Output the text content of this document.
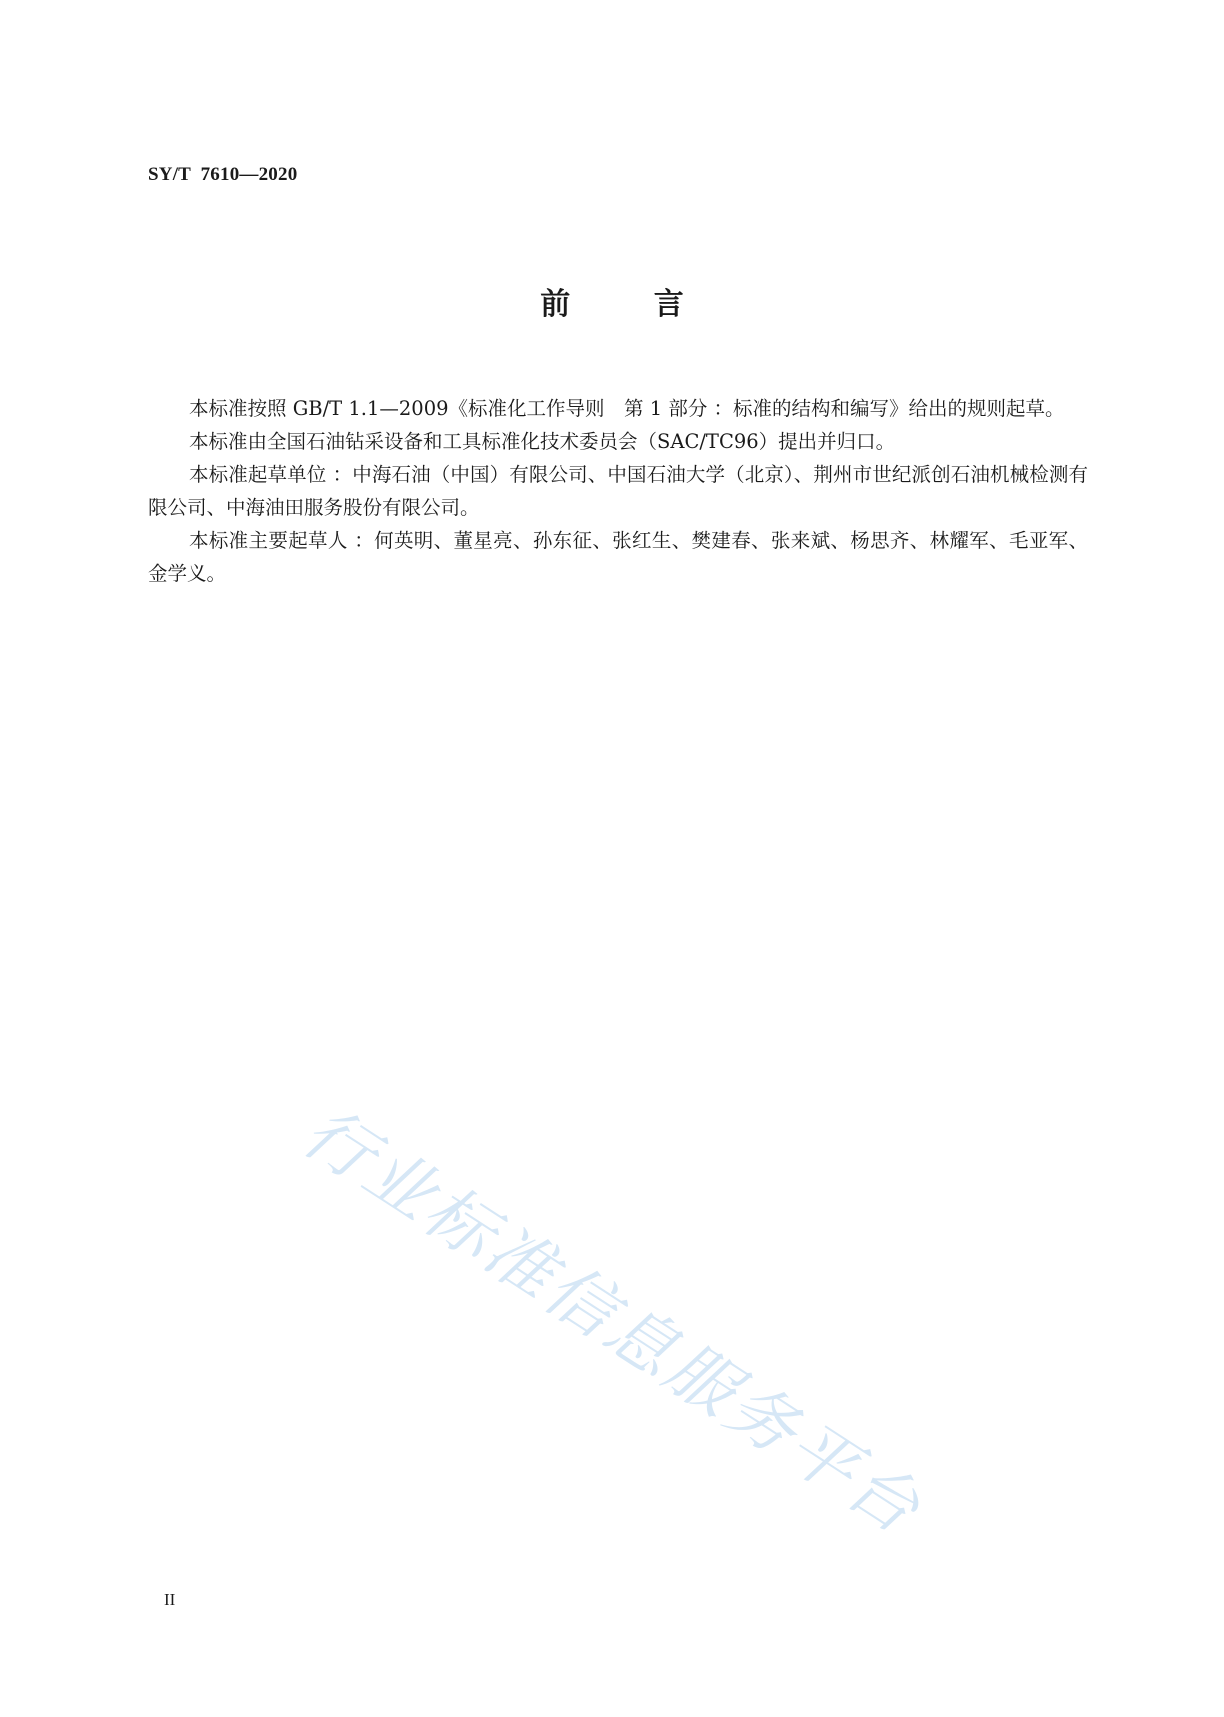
SY/T  7610—2020
前        言

本标准按照 GB/T 1.1—2009《标准化工作导则　第 1 部分 ：标准的结构和编写》给出的规则起草。

本标准由全国石油钻采设备和工具标准化技术委员会（SAC/TC96）提出并归口。

本标准起草单位 ：中海石油（中国）有限公司、中国石油大学（北京）、荆州市世纪派创石油机械检测有限公司、中海油田服务股份有限公司。

本标准主要起草人 ：何英明、董星亮、孙东征、张红生、樊建春、张来斌、杨思齐、林耀军、毛亚军、金学义。

行业标准信息服务平台
II
